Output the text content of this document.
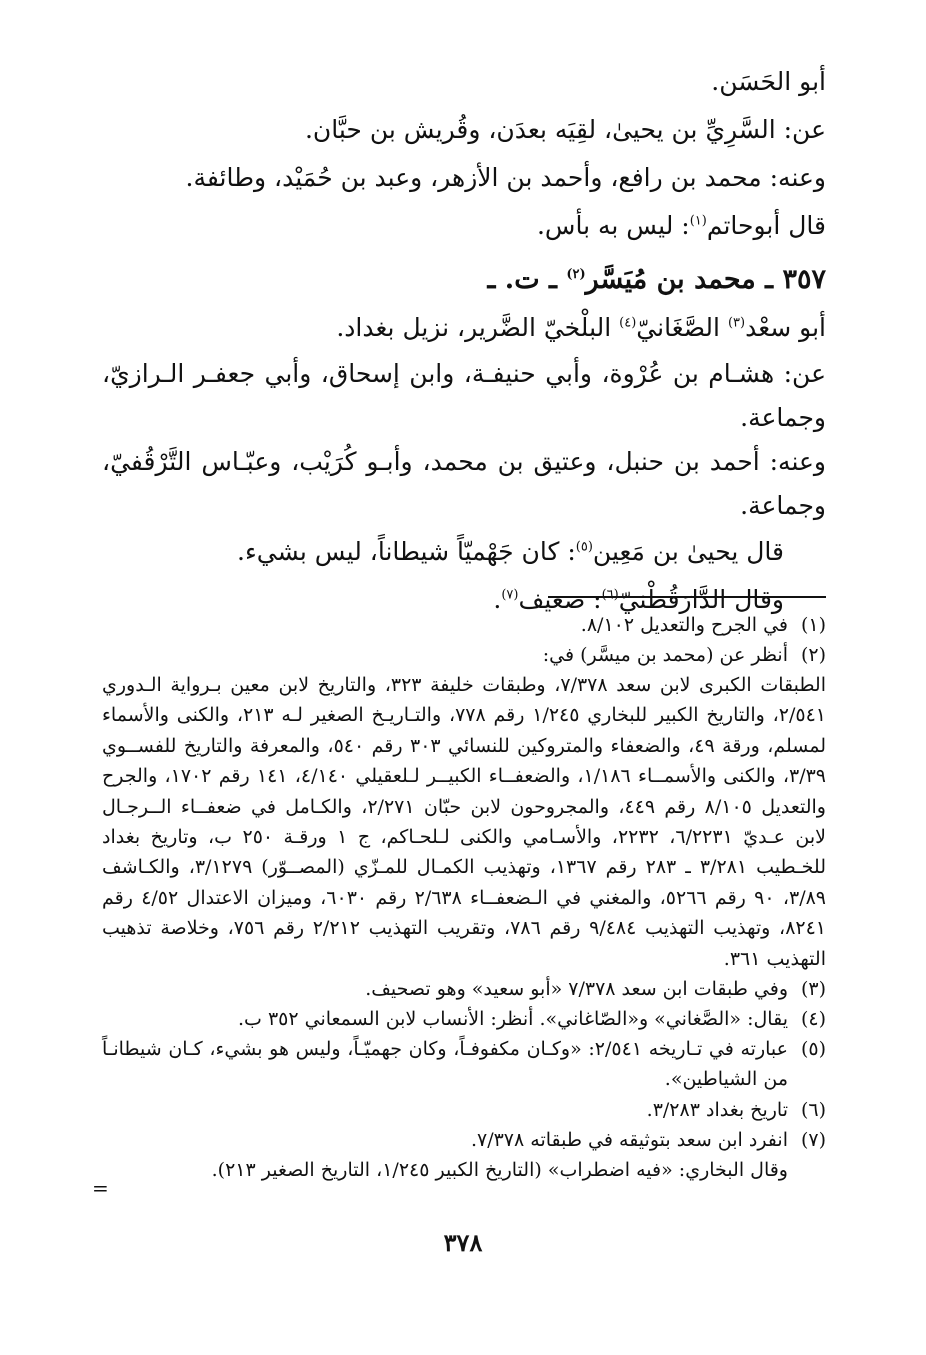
أبو الحَسَن.
عن: السَّرِيِّ بن يحيىٰ، لقِيَه بعدَن، وقُريش بن حبَّان.
وعنه: محمد بن رافع، وأحمد بن الأزهر، وعبد بن حُمَيْد، وطائفة.
قال أبوحاتم$^{(١)}$: ليس به بأس.
٣٥٧ ـ محمد بن مُيَسَّر$^{(٢)}$ ـ ت. ـ
أبو سعْد$^{(٣)}$ الصَّغَانيّ$^{(٤)}$ البلْخيّ الضَّرير، نزيل بغداد.
عن: هشـام بن عُرْوة، وأبي حنيفـة، وابن إسحاق، وأبي جعفـر الـرازيّ، وجماعة.
وعنه: أحمد بن حنبل، وعتيق بن محمد، وأبـو كُرَيْب، وعبّـاس التَّرْقُفيّ، وجماعة.
قال يحيىٰ بن مَعِين$^{(٥)}$: كان جَهْميّاً شيطاناً، ليس بشيء.
وقال الدَّارَقُطْنيّ$^{(٦)}$: ضعيف$^{(٧)}$.
(١)
في الجرح والتعديل ٨/١٠٢.
(٢)
أنظر عن (محمد بن ميسَّر) في:
الطبقات الكبرى لابن سعد ٧/٣٧٨، وطبقات خليفة ٣٢٣، والتاريخ لابن معين بـرواية الـدوري ٢/٥٤١، والتاريخ الكبير للبخاري ١/٢٤٥ رقم ٧٧٨، والتـاريـخ الصغير لـه ٢١٣، والكنى والأسماء لمسلم، ورقة ٤٩، والضعفاء والمتروكين للنسائي ٣٠٣ رقم ٥٤٠، والمعرفة والتاريخ للفســوي ٣/٣٩، والكنى والأسمــاء ١/١٨٦، والضعفــاء الكبيــر لـلعقيلي ٤/١٤٠، ١٤١ رقم ١٧٠٢، والجرح والتعديل ٨/١٠٥ رقم ٤٤٩، والمجروحون لابن حبّان ٢/٢٧١، والكـامل في ضعفــاء الــرجـال لابن عـديّ ٦/٢٢٣١، ٢٢٣٢، والأسـامي والكنى لـلحـاكم، ج ١ ورقـة ٢٥٠ ب، وتاريخ بغداد للخـطيب ٣/٢٨١ ـ ٢٨٣ رقم ١٣٦٧، وتهذيب الكمـال للمـزّي (المصــوّر) ٣/١٢٧٩، والكـاشف ٣/٨٩، ٩٠ رقم ٥٢٦٦، والمغني في الـضعفــاء ٢/٦٣٨ رقم ٦٠٣٠، وميزان الاعتدال ٤/٥٢ رقم ٨٢٤١، وتهذيب التهذيب ٩/٤٨٤ رقم ٧٨٦، وتقريب التهذيب ٢/٢١٢ رقم ٧٥٦، وخلاصة تذهيب التهذيب ٣٦١.
(٣)
وفي طبقات ابن سعد ٧/٣٧٨ «أبو سعيد» وهو تصحيف.
(٤)
يقال: «الصَّغاني» و«الصّاغاني». أنظر: الأنساب لابن السمعاني ٣٥٢ ب.
(٥)
عبارته في تـاريخه ٢/٥٤١: «وكـان مكفوفـاً، وكان جهميّـاً، وليس هو بشيء، كـان شيطانـاً من الشياطين».
(٦)
تاريخ بغداد ٣/٢٨٣.
(٧)
انفرد ابن سعد بتوثيقه في طبقاته ٧/٣٧٨.
وقال البخاري: «فيه اضطراب» (التاريخ الكبير ١/٢٤٥، التاريخ الصغير ٢١٣).
=
٣٧٨
